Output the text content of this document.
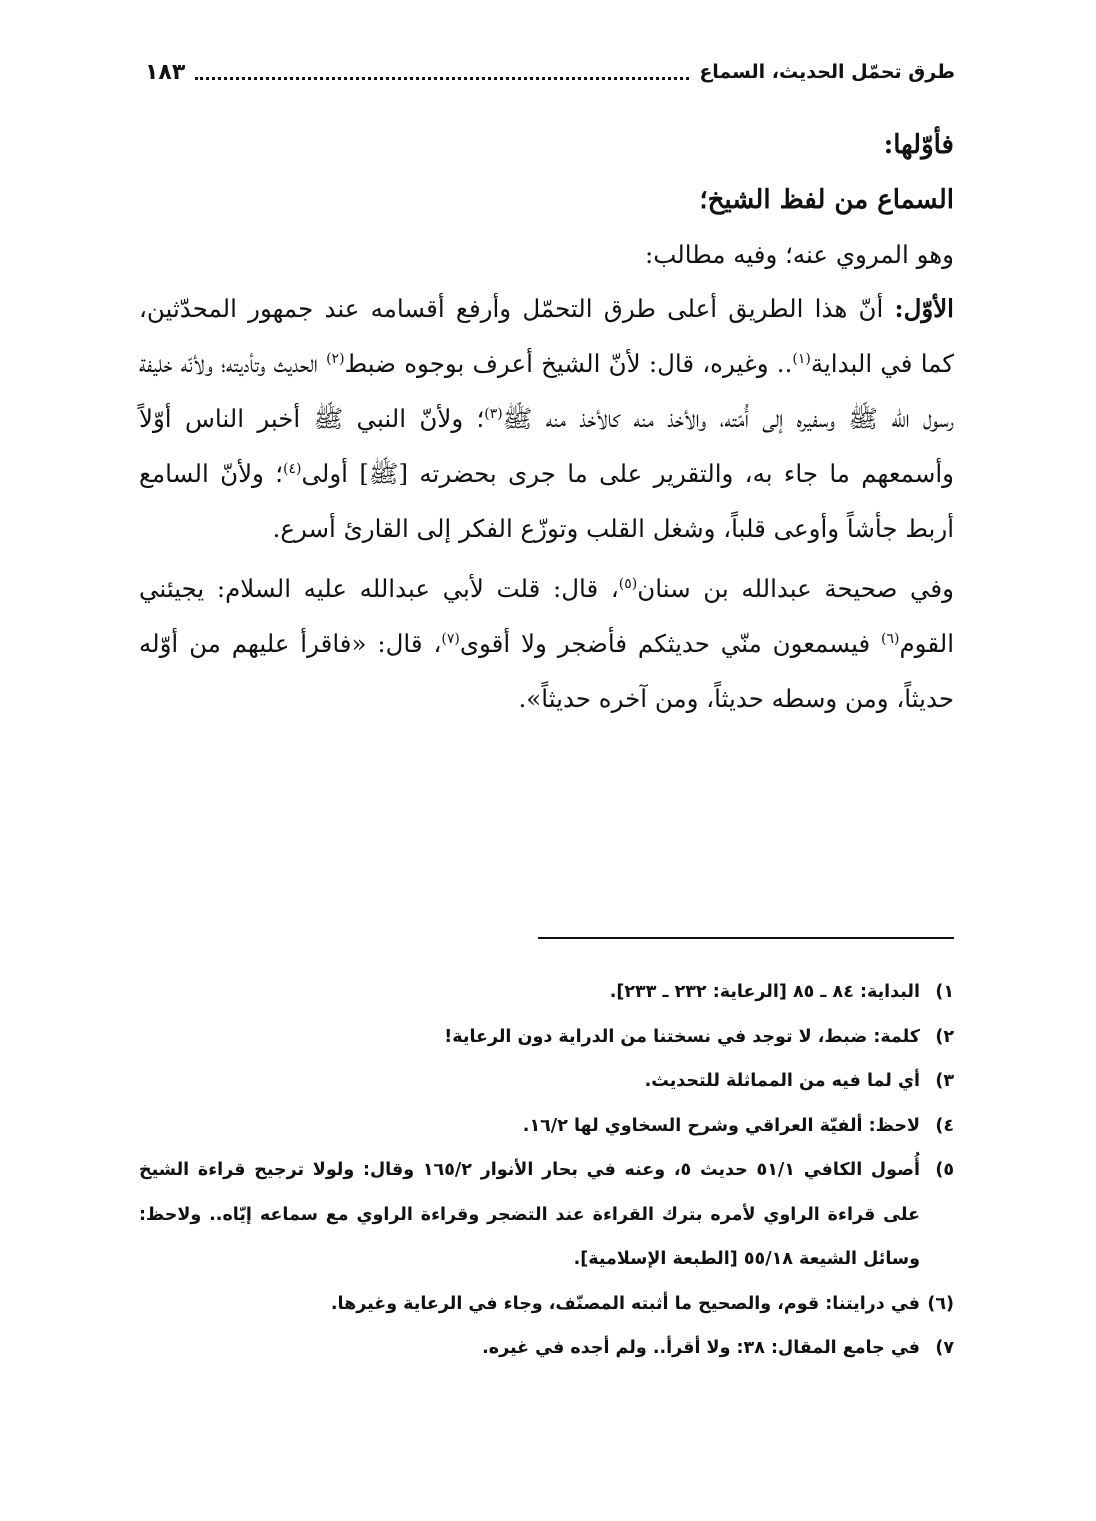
طرق تحمّل الحديث، السماع
١٨٣

فأوّلها:

السماع من لفظ الشيخ؛

وهو المروي عنه؛ وفيه مطالب:

الأوّل: أنّ هذا الطريق أعلى طرق التحمّل وأرفع أقسامه عند جمهور المحدّثين، كما في البداية$^{(١)}$.. وغيره، قال: لأنّ الشيخ أعرف بوجوه ضبط$^{(٢)}$ الحديث وتأديته؛ ولأنّه خليفة رسول الله ﷺ وسفيره إلى أُمّته، والأخذ منه كالأخذ منه ﷺ$^{(٣)}$؛ ولأنّ النبي ﷺ أخبر الناس أوّلاً وأسمعهم ما جاء به، والتقرير على ما جرى بحضرته [ﷺ] أولى$^{(٤)}$؛ ولأنّ السامع أربط جأشاً وأوعى قلباً، وشغل القلب وتوزّع الفكر إلى القارئ أسرع.

وفي صحيحة عبدالله بن سنان$^{(٥)}$، قال: قلت لأبي عبدالله عليه السلام: يجيئني القوم$^{(٦)}$ فيسمعون منّي حديثكم فأضجر ولا أقوى$^{(٧)}$، قال: «فاقرأ عليهم من أوّله حديثاً، ومن وسطه حديثاً، ومن آخره حديثاً».

١)
البداية: ٨٤ ـ ٨٥ [الرعاية: ٢٣٢ ـ ٢٣٣].
٢)
كلمة: ضبط، لا توجد في نسختنا من الدراية دون الرعاية!
٣)
أي لما فيه من المماثلة للتحديث.
٤)
لاحظ: ألفيّة العراقي وشرح السخاوي لها ١٦/٢.
٥)
أُصول الكافي ٥١/١ حديث ٥، وعنه في بحار الأنوار ١٦٥/٢ وقال: ولولا ترجيح قراءة الشيخ على قراءة الراوي لأمره بترك القراءة عند التضجر وقراءة الراوي مع سماعه إيّاه.. ولاحظ: وسائل الشيعة ٥٥/١٨ [الطبعة الإسلامية].
(٦)
في درايتنا: قوم، والصحيح ما أثبته المصنّف، وجاء في الرعاية وغيرها.
٧)
في جامع المقال: ٣٨: ولا أقرأ.. ولم أجده في غيره.
